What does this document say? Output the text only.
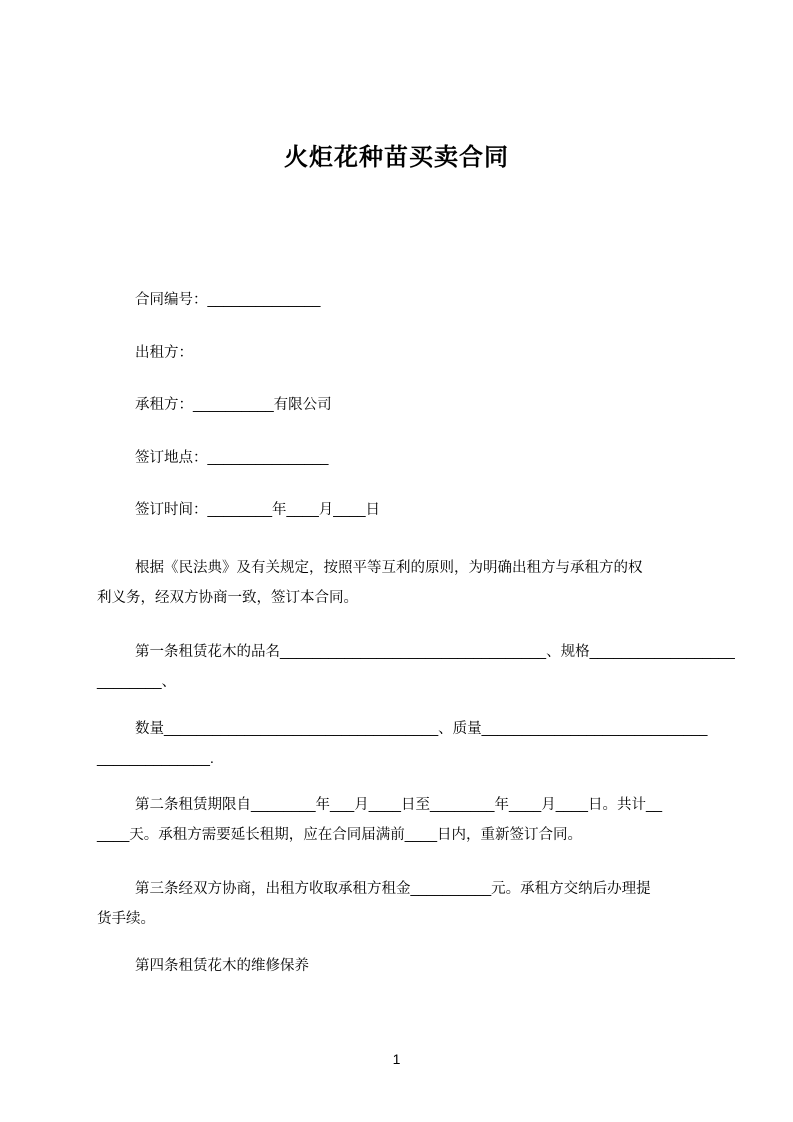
火炬花种苗买卖合同
合同编号：______________
出租方：
承租方：__________有限公司
签订地点：_______________
签订时间：________年____月____日
根据《民法典》及有关规定，按照平等互利的原则，为明确出租方与承租方的权
利义务，经双方协商一致，签订本合同。
第一条租赁花木的品名_________________________________、规格__________________
________、
数量__________________________________、质量____________________________
______________.
第二条租赁期限自________年___月____日至________年____月____日。共计__
____天。承租方需要延长租期，应在合同届满前____日内，重新签订合同。
第三条经双方协商，出租方收取承租方租金__________元。承租方交纳后办理提
货手续。
第四条租赁花木的维修保养
1
